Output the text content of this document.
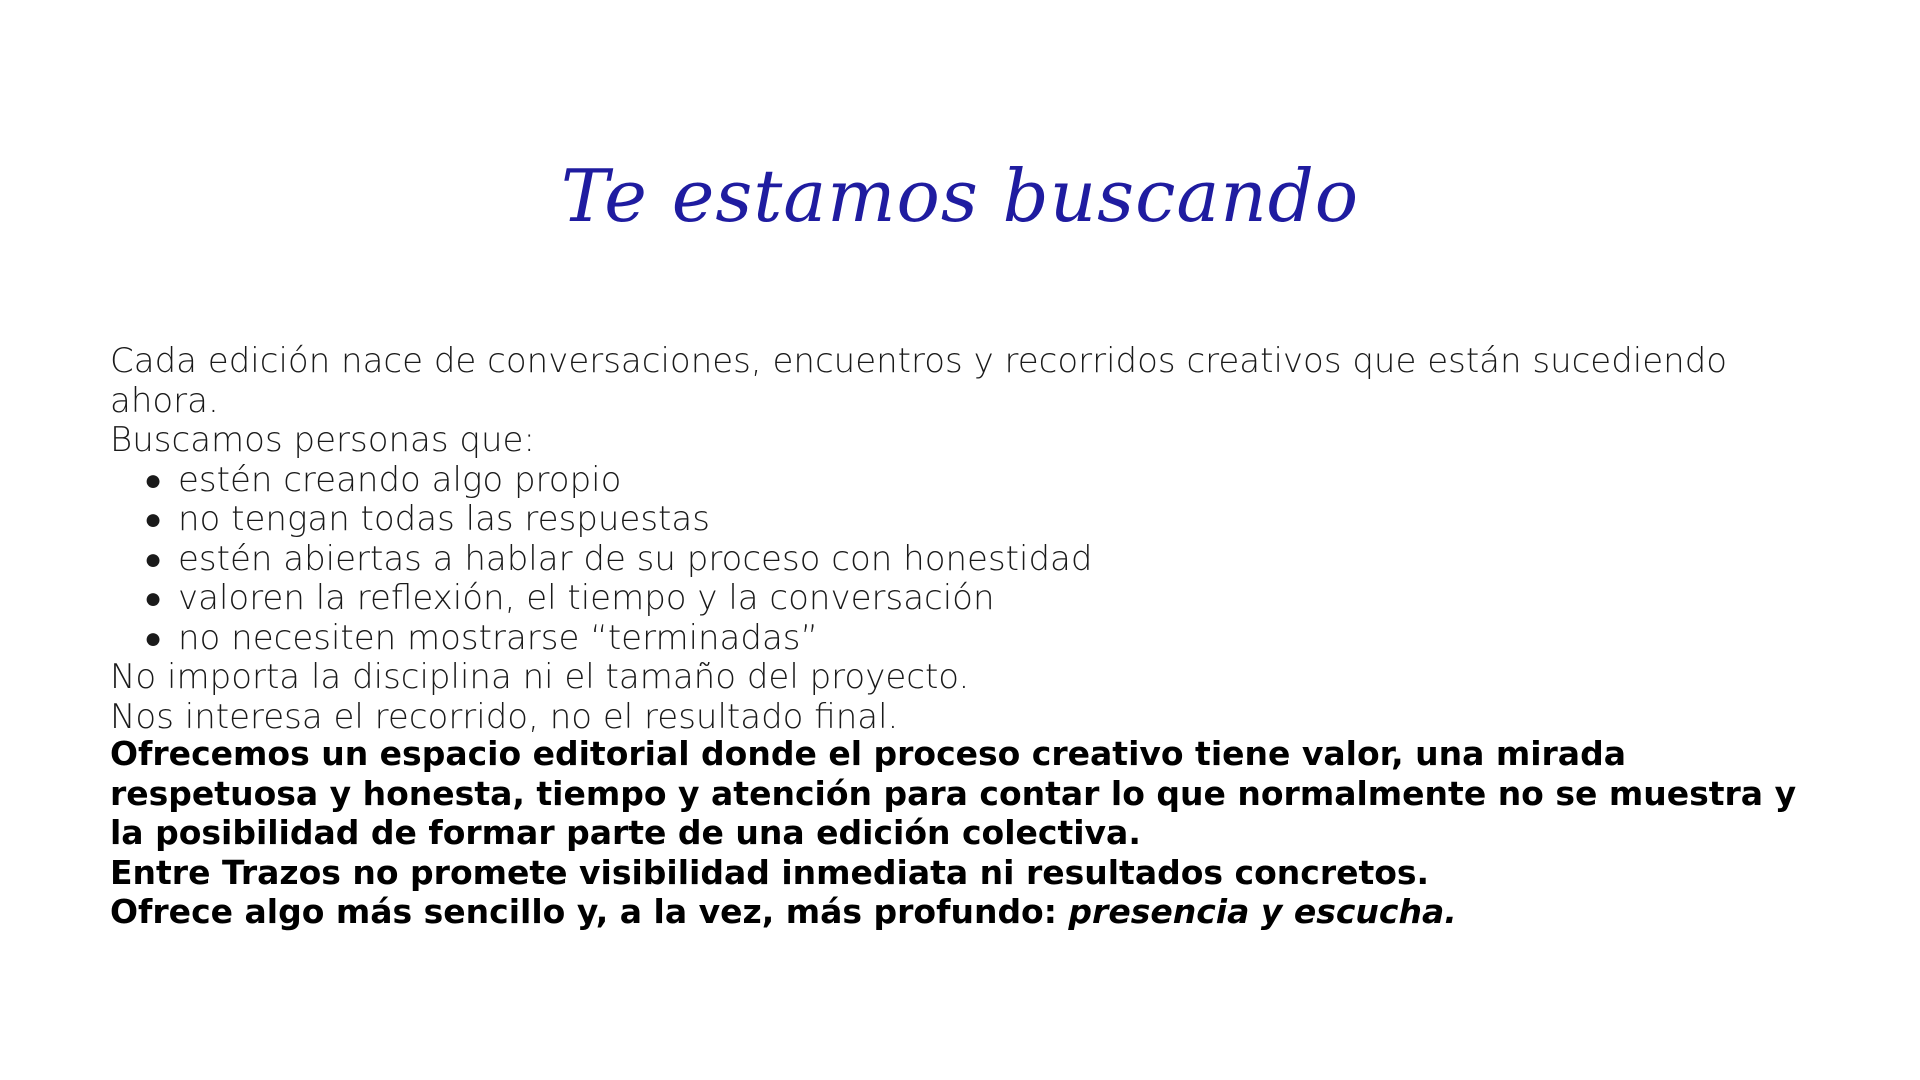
Te estamos buscando

Cada edición nace de conversaciones, encuentros y recorridos creativos que están sucediendo ahora.

Buscamos personas que:

● estén creando algo propio
● no tengan todas las respuestas
● estén abiertas a hablar de su proceso con honestidad
● valoren la reflexión, el tiempo y la conversación
● no necesiten mostrarse “terminadas”

No importa la disciplina ni el tamaño del proyecto.

Nos interesa el recorrido, no el resultado final.

Ofrecemos un espacio editorial donde el proceso creativo tiene valor, una mirada respetuosa y honesta, tiempo y atención para contar lo que normalmente no se muestra y la posibilidad de formar parte de una edición colectiva.

Entre Trazos no promete visibilidad inmediata ni resultados concretos.

Ofrece algo más sencillo y, a la vez, más profundo: presencia y escucha.
